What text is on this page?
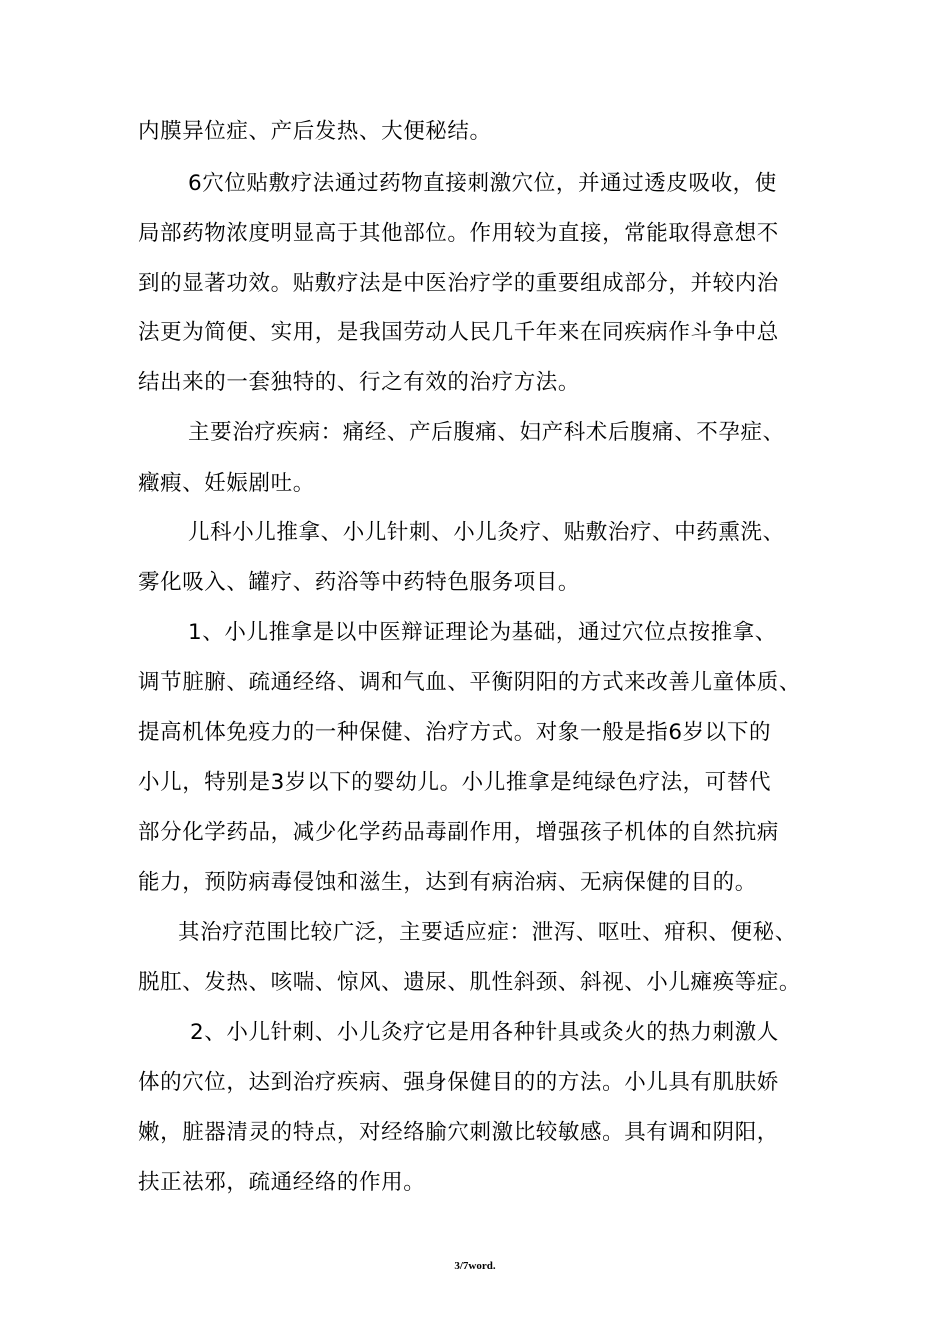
内膜异位症、产后发热、大便秘结。
6穴位贴敷疗法通过药物直接刺激穴位，并通过透皮吸收，使
局部药物浓度明显高于其他部位。作用较为直接，常能取得意想不
到的显著功效。贴敷疗法是中医治疗学的重要组成部分，并较内治
法更为简便、实用，是我国劳动人民几千年来在同疾病作斗争中总
结出来的一套独特的、行之有效的治疗方法。
主要治疗疾病：痛经、产后腹痛、妇产科术后腹痛、不孕症、
癥瘕、妊娠剧吐。
儿科小儿推拿、小儿针刺、小儿灸疗、贴敷治疗、中药熏洗、
雾化吸入、罐疗、药浴等中药特色服务项目。
1、小儿推拿是以中医辩证理论为基础，通过穴位点按推拿、
调节脏腑、疏通经络、调和气血、平衡阴阳的方式来改善儿童体质、
提高机体免疫力的一种保健、治疗方式。对象一般是指6岁以下的
小儿，特别是3岁以下的婴幼儿。小儿推拿是纯绿色疗法，可替代
部分化学药品，减少化学药品毒副作用，增强孩子机体的自然抗病
能力，预防病毒侵蚀和滋生，达到有病治病、无病保健的目的。
其治疗范围比较广泛，主要适应症：泄泻、呕吐、疳积、便秘、
脱肛、发热、咳喘、惊风、遗尿、肌性斜颈、斜视、小儿瘫痪等症。
2、小儿针刺、小儿灸疗它是用各种针具或灸火的热力刺激人
体的穴位，达到治疗疾病、强身保健目的的方法。小儿具有肌肤娇
嫩，脏器清灵的特点，对经络腧穴刺激比较敏感。具有调和阴阳，
扶正祛邪，疏通经络的作用。
3/7word.
